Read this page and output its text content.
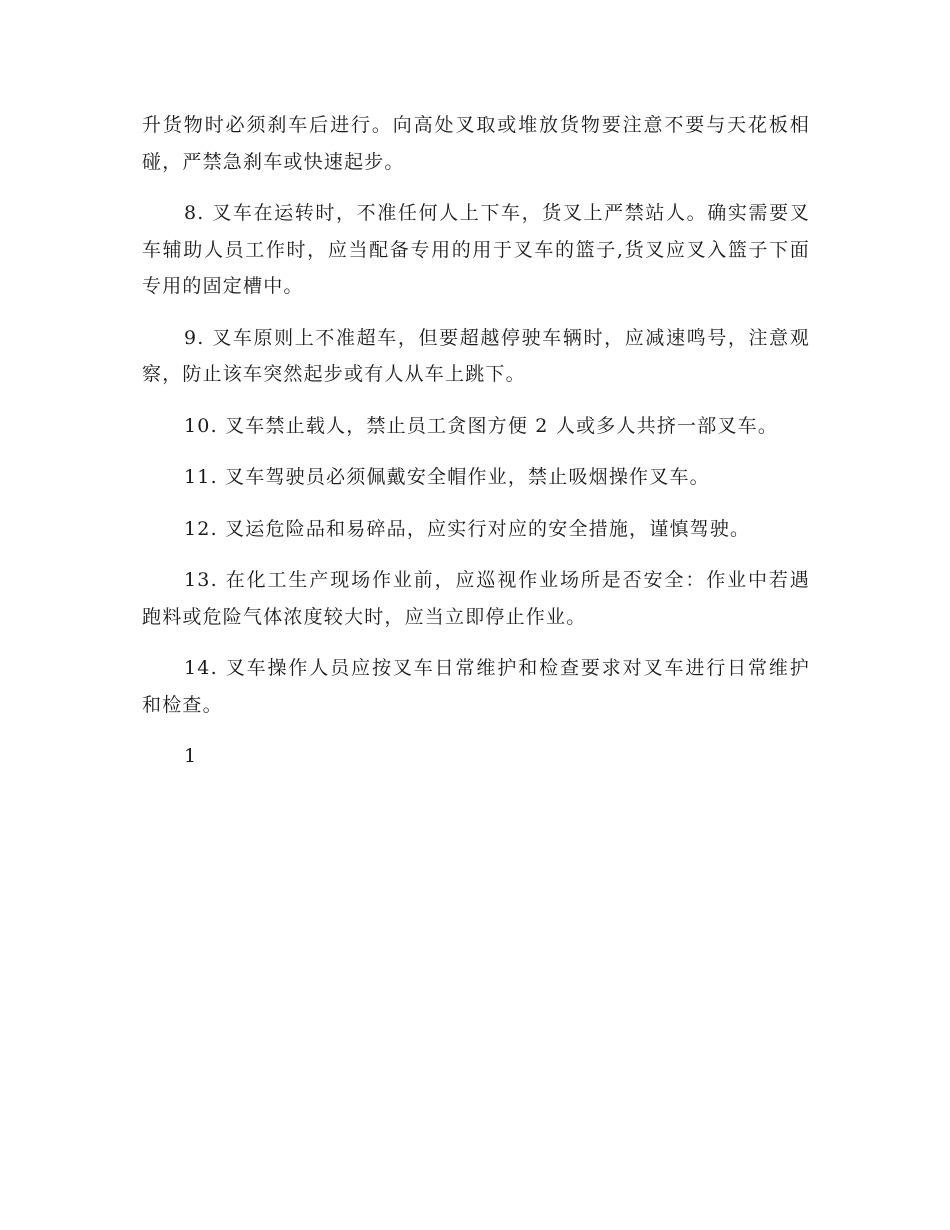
升货物时必须刹车后进行。向高处叉取或堆放货物要注意不要与天花板相碰，严禁急刹车或快速起步。

8. 叉车在运转时，不准任何人上下车，货叉上严禁站人。确实需要叉车辅助人员工作时，应当配备专用的用于叉车的篮子,货叉应叉入篮子下面专用的固定槽中。

9. 叉车原则上不准超车，但要超越停驶车辆时，应减速鸣号，注意观察，防止该车突然起步或有人从车上跳下。

10. 叉车禁止载人，禁止员工贪图方便 2 人或多人共挤一部叉车。

11. 叉车驾驶员必须佩戴安全帽作业，禁止吸烟操作叉车。

12. 叉运危险品和易碎品，应实行对应的安全措施，谨慎驾驶。

13. 在化工生产现场作业前，应巡视作业场所是否安全：作业中若遇跑料或危险气体浓度较大时，应当立即停止作业。

14. 叉车操作人员应按叉车日常维护和检查要求对叉车进行日常维护和检查。

1
